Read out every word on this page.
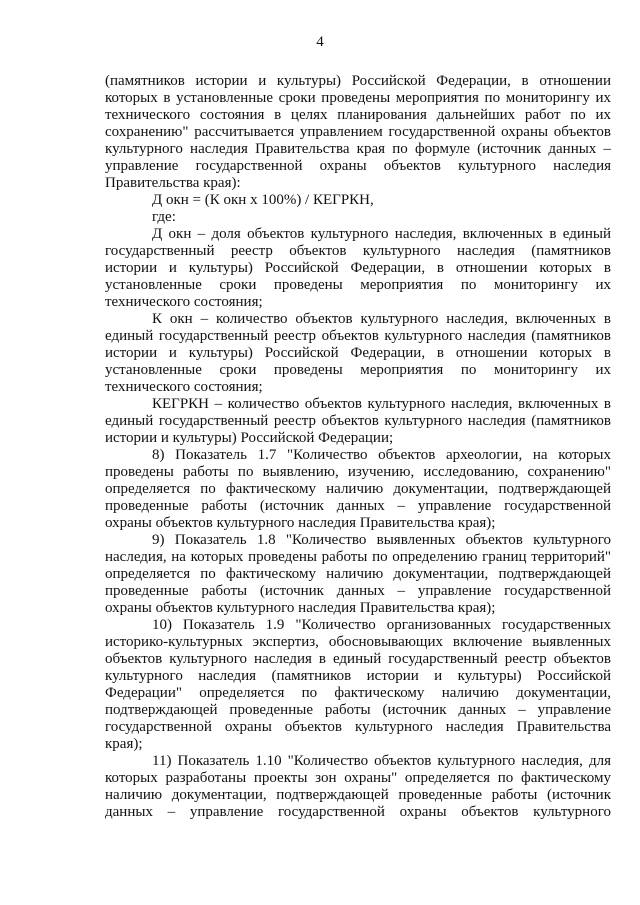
4
(памятников истории и культуры) Российской Федерации, в отношении
которых в установленные сроки проведены мероприятия по мониторингу их
технического состояния в целях планирования дальнейших работ по их
сохранению" рассчитывается управлением государственной охраны объектов
культурного наследия Правительства края по формуле (источник данных –
управление государственной охраны объектов культурного наследия
Правительства края):
Д окн = (К окн х 100%) / КЕГРКН,
где:
Д окн – доля объектов культурного наследия, включенных в единый
государственный реестр объектов культурного наследия (памятников
истории и культуры) Российской Федерации, в отношении которых в
установленные сроки проведены мероприятия по мониторингу их
технического состояния;
К окн – количество объектов культурного наследия, включенных в
единый государственный реестр объектов культурного наследия (памятников
истории и культуры) Российской Федерации, в отношении которых в
установленные сроки проведены мероприятия по мониторингу их
технического состояния;
КЕГРКН – количество объектов культурного наследия, включенных в
единый государственный реестр объектов культурного наследия (памятников
истории и культуры) Российской Федерации;
8) Показатель 1.7 "Количество объектов археологии, на которых
проведены работы по выявлению, изучению, исследованию, сохранению"
определяется по фактическому наличию документации, подтверждающей
проведенные работы (источник данных – управление государственной
охраны объектов культурного наследия Правительства края);
9) Показатель 1.8 "Количество выявленных объектов культурного
наследия, на которых проведены работы по определению границ территорий"
определяется по фактическому наличию документации, подтверждающей
проведенные работы (источник данных – управление государственной
охраны объектов культурного наследия Правительства края);
10) Показатель 1.9 "Количество организованных государственных
историко-культурных экспертиз, обосновывающих включение выявленных
объектов культурного наследия в единый государственный реестр объектов
культурного наследия (памятников истории и культуры) Российской
Федерации" определяется по фактическому наличию документации,
подтверждающей проведенные работы (источник данных – управление
государственной охраны объектов культурного наследия Правительства
края);
11) Показатель 1.10 "Количество объектов культурного наследия, для
которых разработаны проекты зон охраны" определяется по фактическому
наличию документации, подтверждающей проведенные работы (источник
данных – управление государственной охраны объектов культурного
